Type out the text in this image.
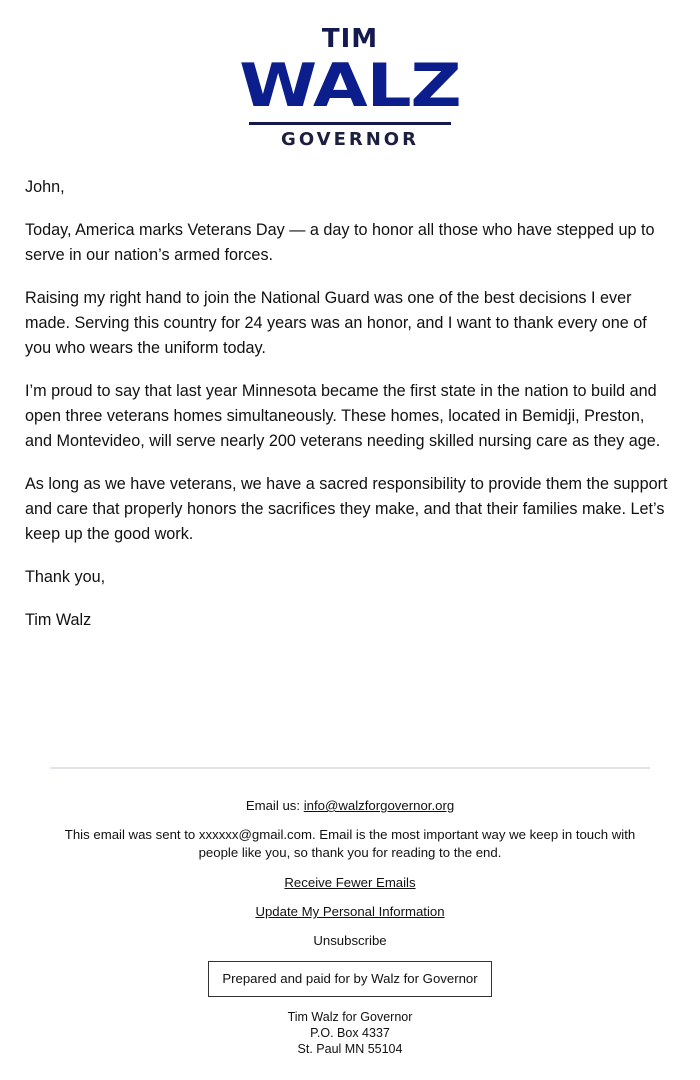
TIM
WALZ
GOVERNOR

John,

Today, America marks Veterans Day — a day to honor all those who have stepped up to serve in our nation’s armed forces.

Raising my right hand to join the National Guard was one of the best decisions I ever made. Serving this country for 24 years was an honor, and I want to thank every one of you who wears the uniform today.

I’m proud to say that last year Minnesota became the first state in the nation to build and open three veterans homes simultaneously. These homes, located in Bemidji, Preston, and Montevideo, will serve nearly 200 veterans needing skilled nursing care as they age.

As long as we have veterans, we have a sacred responsibility to provide them the support and care that properly honors the sacrifices they make, and that their families make. Let’s keep up the good work.

Thank you,

Tim Walz

Email us: info@walzforgovernor.org

This email was sent to xxxxxx@gmail.com. Email is the most important way we keep in touch with people like you, so thank you for reading to the end.

Receive Fewer Emails

Update My Personal Information

Unsubscribe

Prepared and paid for by Walz for Governor
Tim Walz for Governor
P.O. Box 4337
St. Paul MN 55104
